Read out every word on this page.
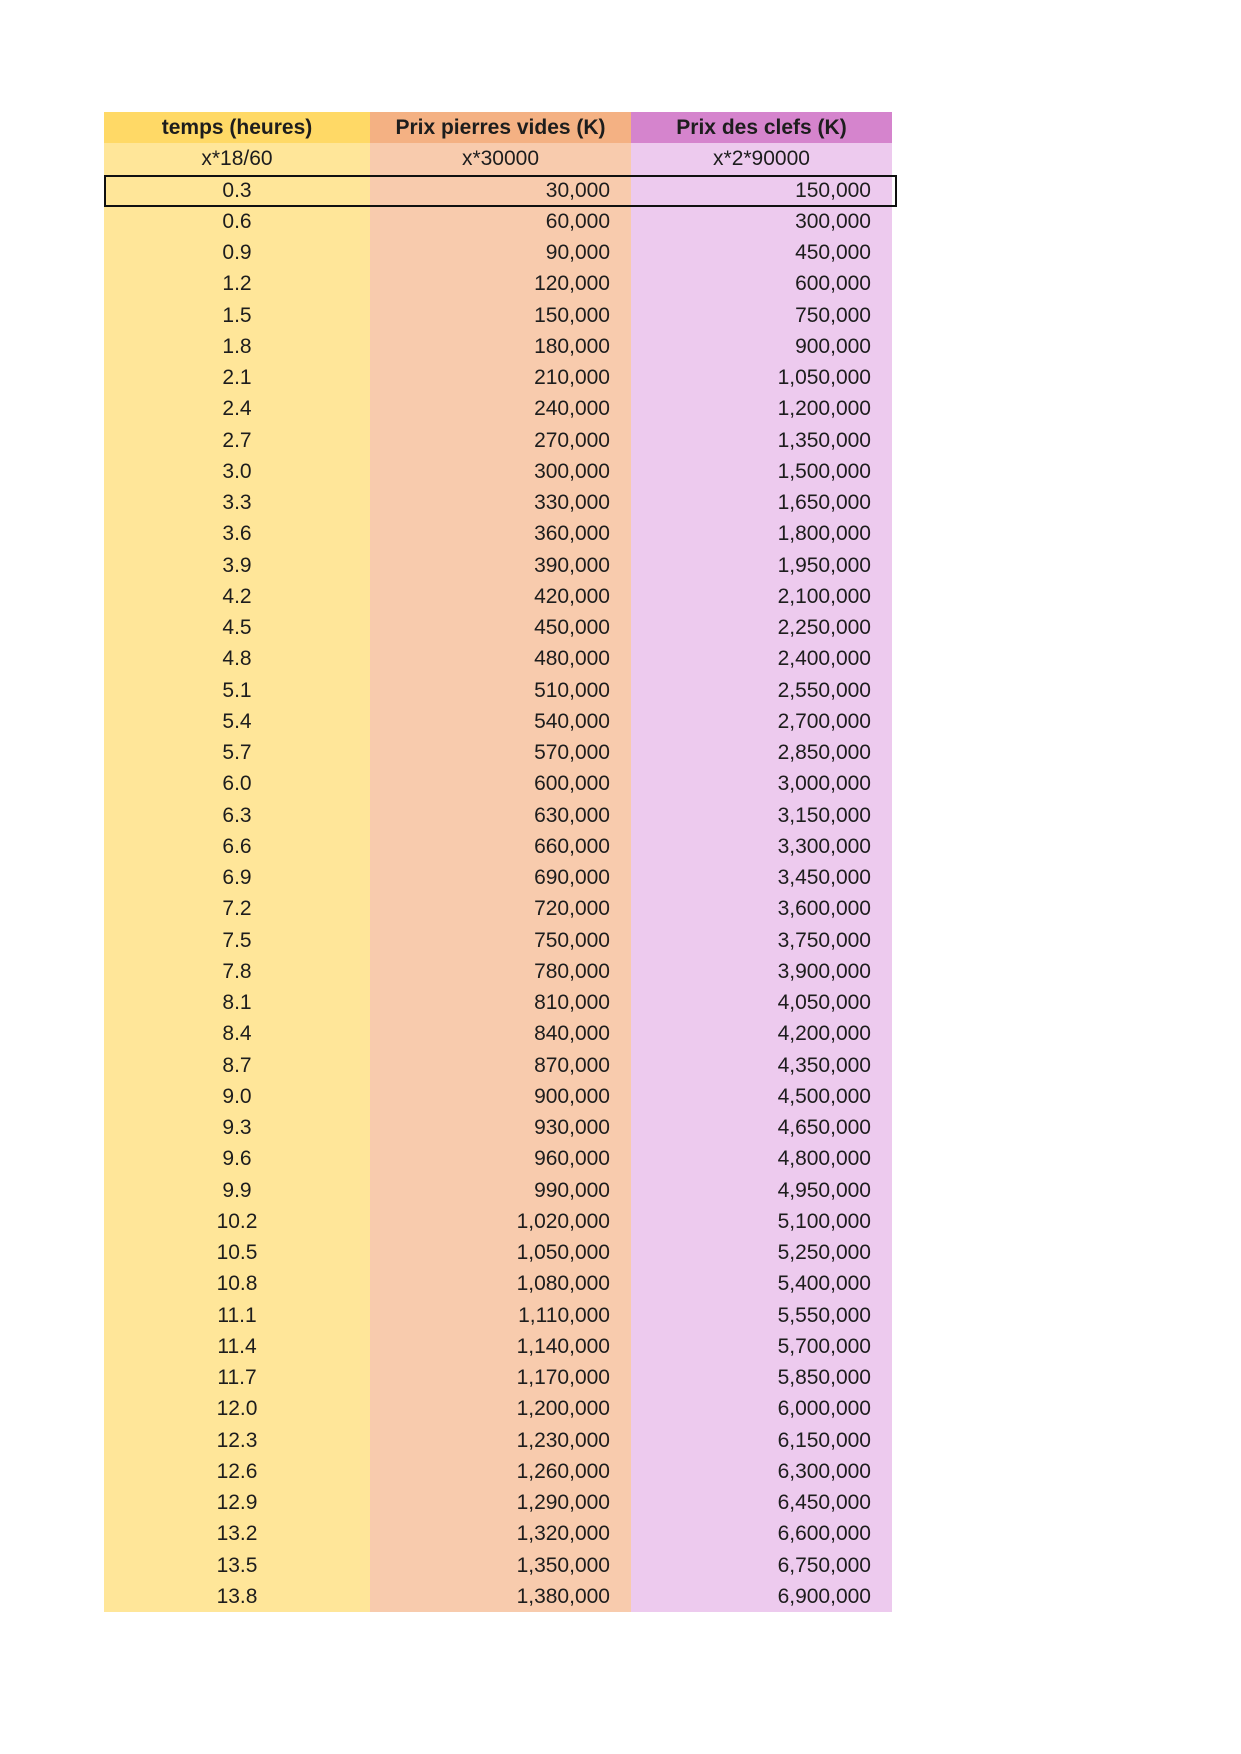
temps (heures)	Prix pierres vides (K)	Prix des clefs (K)
x*18/60	x*30000	x*2*90000
0.3	30,000	150,000
0.6	60,000	300,000
0.9	90,000	450,000
1.2	120,000	600,000
1.5	150,000	750,000
1.8	180,000	900,000
2.1	210,000	1,050,000
2.4	240,000	1,200,000
2.7	270,000	1,350,000
3.0	300,000	1,500,000
3.3	330,000	1,650,000
3.6	360,000	1,800,000
3.9	390,000	1,950,000
4.2	420,000	2,100,000
4.5	450,000	2,250,000
4.8	480,000	2,400,000
5.1	510,000	2,550,000
5.4	540,000	2,700,000
5.7	570,000	2,850,000
6.0	600,000	3,000,000
6.3	630,000	3,150,000
6.6	660,000	3,300,000
6.9	690,000	3,450,000
7.2	720,000	3,600,000
7.5	750,000	3,750,000
7.8	780,000	3,900,000
8.1	810,000	4,050,000
8.4	840,000	4,200,000
8.7	870,000	4,350,000
9.0	900,000	4,500,000
9.3	930,000	4,650,000
9.6	960,000	4,800,000
9.9	990,000	4,950,000
10.2	1,020,000	5,100,000
10.5	1,050,000	5,250,000
10.8	1,080,000	5,400,000
11.1	1,110,000	5,550,000
11.4	1,140,000	5,700,000
11.7	1,170,000	5,850,000
12.0	1,200,000	6,000,000
12.3	1,230,000	6,150,000
12.6	1,260,000	6,300,000
12.9	1,290,000	6,450,000
13.2	1,320,000	6,600,000
13.5	1,350,000	6,750,000
13.8	1,380,000	6,900,000
